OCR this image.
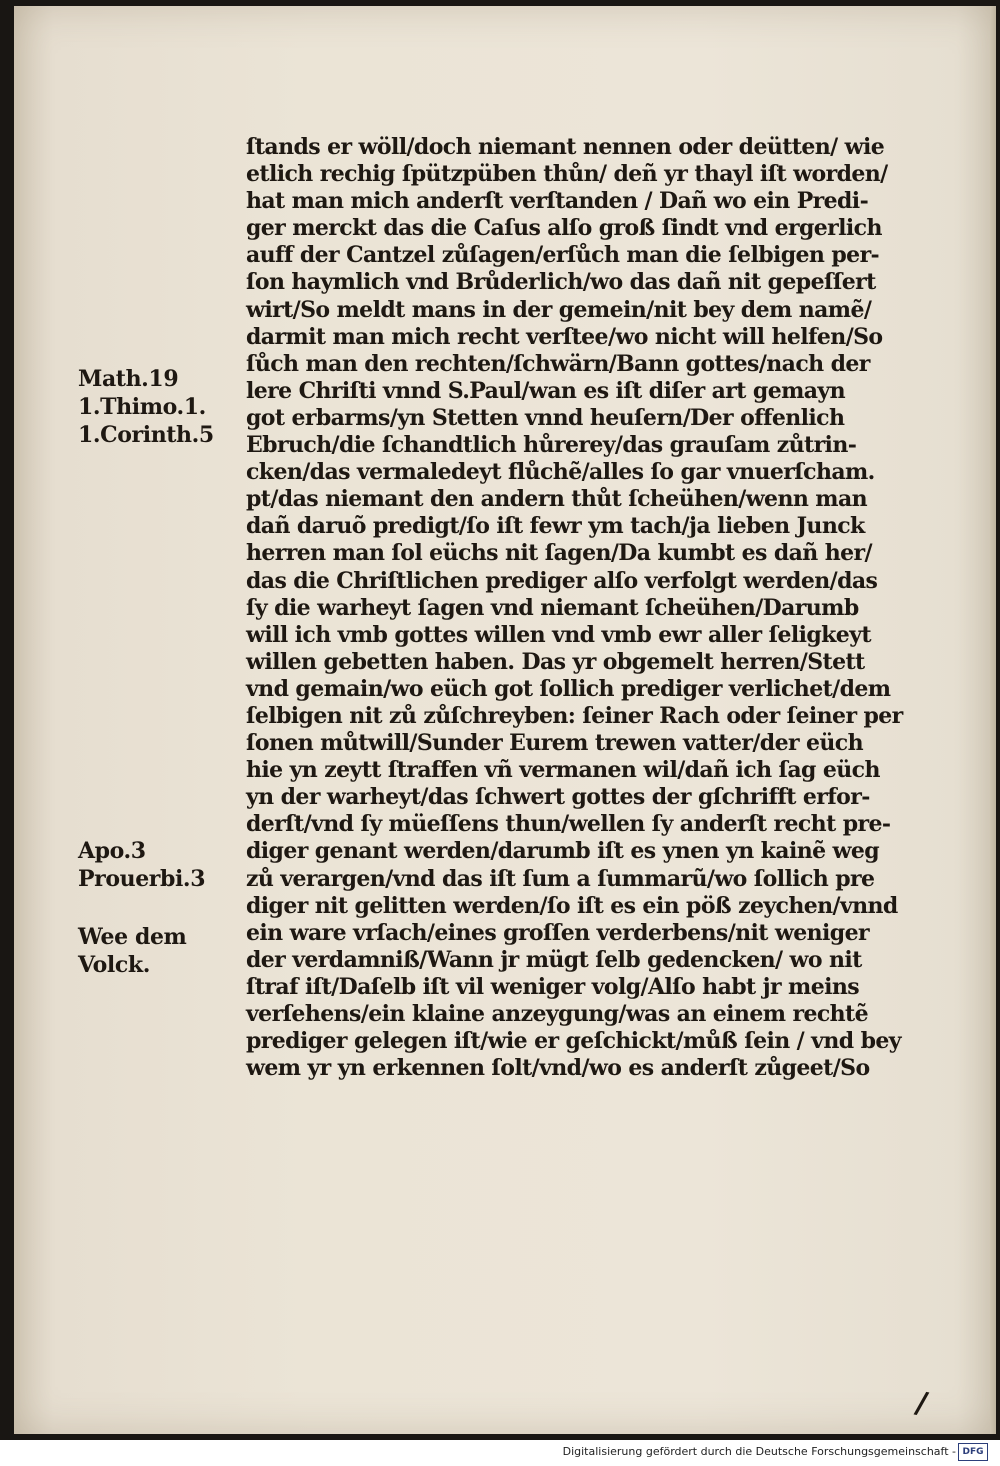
ſtands er wöll/doch niemant nennen oder deütten/ wie
etlich rechig ſpützpüben thůn/ deñ yr thayl iſt worden/
hat man mich anderſt verſtanden / Dañ wo ein Predi-
ger merckt das die Caſus alſo groß ſindt vnd ergerlich
auff der Cantzel zůſagen/erſůch man die ſelbigen per-
ſon haymlich vnd Brůderlich/wo das dañ nit gepeſſert
wirt/So meldt mans in der gemein/nit bey dem namẽ/
darmit man mich recht verſtee/wo nicht will helfen/So
ſůch man den rechten/ſchwärn/Bann gottes/nach der
lere Chriſti vnnd S.Paul/wan es iſt diſer art gemayn
got erbarms/yn Stetten vnnd heuſern/Der offenlich
Ebruch/die ſchandtlich hůrerey/das grauſam zůtrin-
cken/das vermaledeyt flůchẽ/alles ſo gar vnuerſcham.
pt/das niemant den andern thůt ſcheühen/wenn man
dañ daruõ predigt/ſo iſt fewr ym tach/ja lieben Junck
herren man ſol eüchs nit ſagen/Da kumbt es dañ her/
das die Chriſtlichen prediger alſo verfolgt werden/das
ſy die warheyt ſagen vnd niemant ſcheühen/Darumb
will ich vmb gottes willen vnd vmb ewr aller ſeligkeyt
willen gebetten haben. Das yr obgemelt herren/Stett
vnd gemain/wo eüch got ſollich prediger verlichet/dem
ſelbigen nit zů zůſchreyben: ſeiner Rach oder ſeiner per
ſonen můtwill/Sunder Eurem trewen vatter/der eüch
hie yn zeytt ſtraffen vñ vermanen wil/dañ ich ſag eüch
yn der warheyt/das ſchwert gottes der gſchrifft erfor-
derſt/vnd ſy müeſſens thun/wellen ſy anderſt recht pre-
diger genant werden/darumb iſt es ynen yn kainẽ weg
zů verargen/vnd das iſt ſum a ſummarũ/wo ſollich pre
diger nit gelitten werden/ſo iſt es ein pöß zeychen/vnnd
ein ware vrſach/eines groſſen verderbens/nit weniger
der verdamniß/Wann jr mügt ſelb gedencken/ wo nit
ſtraf iſt/Daſelb iſt vil weniger volg/Alſo habt jr meins
verſehens/ein klaine anzeygung/was an einem rechtẽ
prediger gelegen iſt/wie er geſchickt/můß ſein / vnd bey
wem yr yn erkennen ſolt/vnd/wo es anderſt zůgeet/So
Math.19
1.Thimo.1.
1.Corinth.5
Apo.3
Prouerbi.3
Wee dem
Volck.
/
Digitalisierung gefördert durch die Deutsche Forschungsgemeinschaft - DFG
